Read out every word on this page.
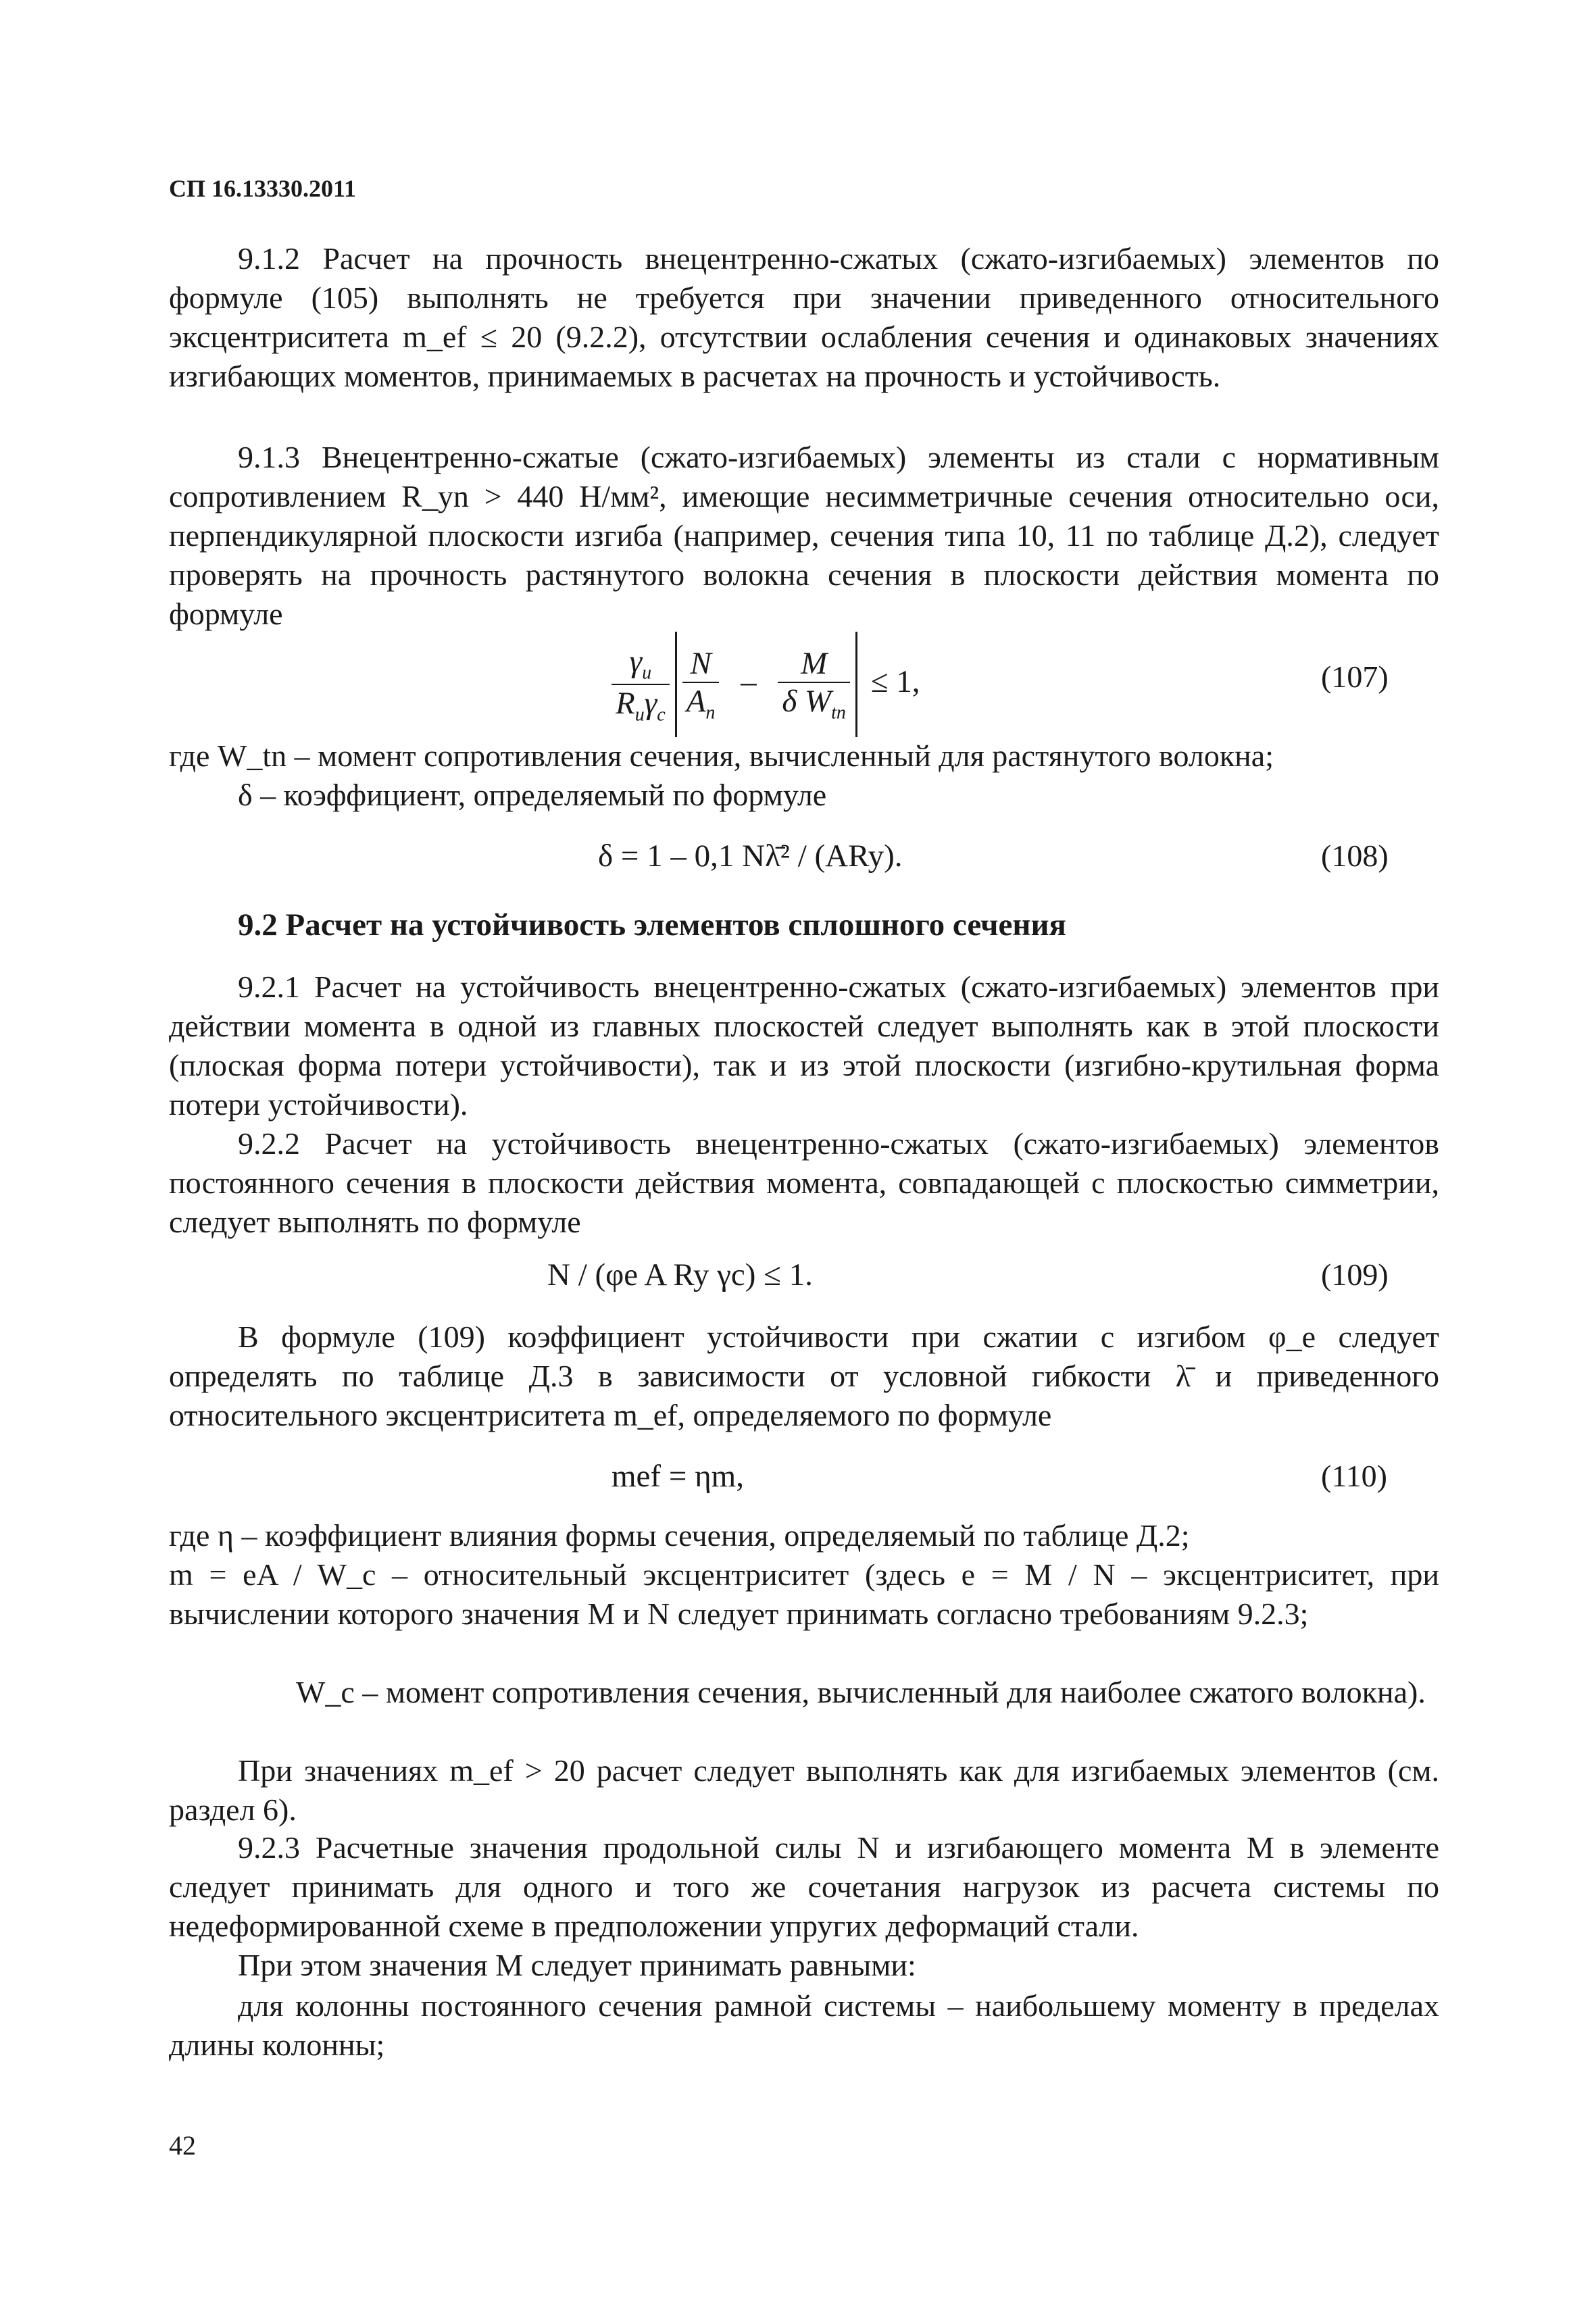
СП 16.13330.2011

9.1.2 Расчет на прочность внецентренно-сжатых (сжато-изгибаемых) элементов по формуле (105) выполнять не требуется при значении приведенного относительного эксцентриситета m_ef ≤ 20 (9.2.2), отсутствии ослабления сечения и одинаковых значениях изгибающих моментов, принимаемых в расчетах на прочность и устойчивость.

9.1.3 Внецентренно-сжатые (сжато-изгибаемых) элементы из стали с нормативным сопротивлением R_yn > 440 Н/мм², имеющие несимметричные сечения относительно оси, перпендикулярной плоскости изгиба (например, сечения типа 10, 11 по таблице Д.2), следует проверять на прочность растянутого волокна сечения в плоскости действия момента по формуле

$\frac{\gamma_u}{R_u\gamma_c} \frac{N}{A_n} - \frac{M}{\delta W_{tn}} \le 1$,	(107)
где W_tn – момент сопротивления сечения, вычисленный для растянутого волокна;
δ – коэффициент, определяемый по формуле
δ = 1 – 0,1 Nλ̄² / (ARy).	(108)
9.2 Расчет на устойчивость элементов сплошного сечения

9.2.1 Расчет на устойчивость внецентренно-сжатых (сжато-изгибаемых) элементов при действии момента в одной из главных плоскостей следует выполнять как в этой плоскости (плоская форма потери устойчивости), так и из этой плоскости (изгибно-крутильная форма потери устойчивости).

9.2.2 Расчет на устойчивость внецентренно-сжатых (сжато-изгибаемых) элементов постоянного сечения в плоскости действия момента, совпадающей с плоскостью симметрии, следует выполнять по формуле

N / (φe A Ry γc) ≤ 1.	(109)

В формуле (109) коэффициент устойчивости при сжатии с изгибом φ_e следует определять по таблице Д.3 в зависимости от условной гибкости λ̄ и приведенного относительного эксцентриситета m_ef, определяемого по формуле

mef = ηm,	(110)
где η – коэффициент влияния формы сечения, определяемый по таблице Д.2;

m = eA / W_c – относительный эксцентриситет (здесь e = M / N – эксцентриситет, при вычислении которого значения M и N следует принимать согласно требованиям 9.2.3;

W_c – момент сопротивления сечения, вычисленный для наиболее сжатого волокна).

При значениях m_ef > 20 расчет следует выполнять как для изгибаемых элементов (см. раздел 6).

9.2.3 Расчетные значения продольной силы N и изгибающего момента M в элементе следует принимать для одного и того же сочетания нагрузок из расчета системы по недеформированной схеме в предположении упругих деформаций стали.

При этом значения M следует принимать равными:

для колонны постоянного сечения рамной системы – наибольшему моменту в пределах длины колонны;

42
